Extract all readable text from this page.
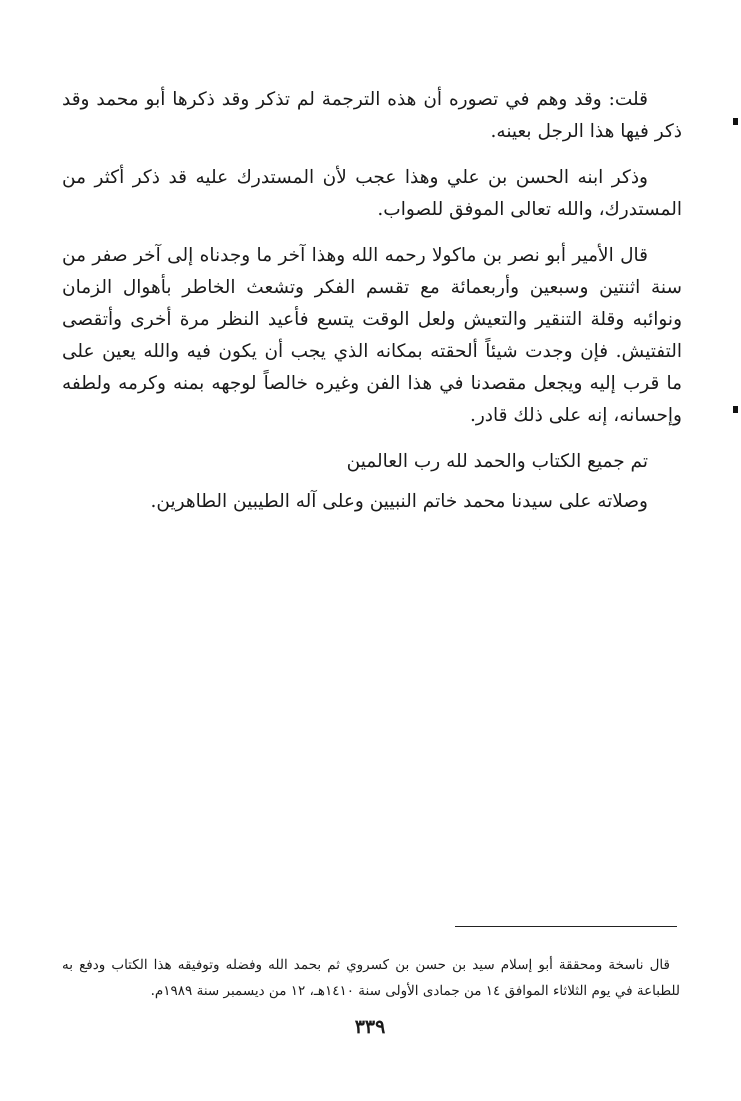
قلت: وقد وهم في تصوره أن هذه الترجمة لم تذكر وقد ذكرها أبو محمد وقد ذكر فيها هذا الرجل بعينه.

وذكر ابنه الحسن بن علي وهذا عجب لأن المستدرك عليه قد ذكر أكثر من المستدرك، والله تعالى الموفق للصواب.

قال الأمير أبو نصر بن ماكولا رحمه الله وهذا آخر ما وجدناه إلى آخر صفر من سنة اثنتين وسبعين وأربعمائة مع تقسم الفكر وتشعث الخاطر بأهوال الزمان ونوائبه وقلة التنقير والتعيش ولعل الوقت يتسع فأعيد النظر مرة أخرى وأتقصى التفتيش. فإن وجدت شيئاً ألحقته بمكانه الذي يجب أن يكون فيه والله يعين على ما قرب إليه ويجعل مقصدنا في هذا الفن وغيره خالصاً لوجهه بمنه وكرمه ولطفه وإحسانه، إنه على ذلك قادر.

تم جميع الكتاب والحمد لله رب العالمين

وصلاته على سيدنا محمد خاتم النبيين وعلى آله الطيبين الطاهرين.

قال ناسخة ومحققة أبو إسلام سيد بن حسن بن كسروي ثم بحمد الله وفضله وتوفيقه هذا الكتاب ودفع به للطباعة في يوم الثلاثاء الموافق ١٤ من جمادى الأولى سنة ١٤١٠هـ، ١٢ من ديسمبر سنة ١٩٨٩م.

٣٣٩
